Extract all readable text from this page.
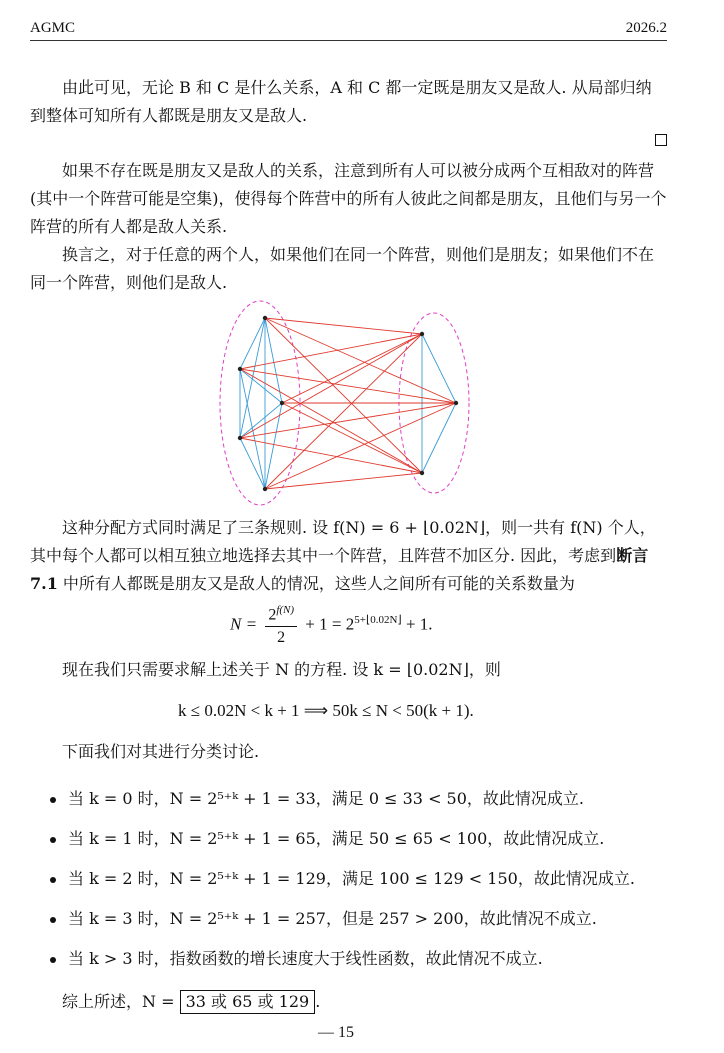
AGMC	2026.2

由此可见，无论 B 和 C 是什么关系，A 和 C 都一定既是朋友又是敌人. 从局部归纳到整体可知所有人都既是朋友又是敌人.

如果不存在既是朋友又是敌人的关系，注意到所有人可以被分成两个互相敌对的阵营 (其中一个阵营可能是空集)，使得每个阵营中的所有人彼此之间都是朋友，且他们与另一个阵营的所有人都是敌人关系.

换言之，对于任意的两个人，如果他们在同一个阵营，则他们是朋友；如果他们不在同一个阵营，则他们是敌人.

这种分配方式同时满足了三条规则. 设 f(N) = 6 + ⌊0.02N⌋，则一共有 f(N) 个人，其中每个人都可以相互独立地选择去其中一个阵营，且阵营不加区分. 因此，考虑到断言 7.1 中所有人都既是朋友又是敌人的情况，这些人之间所有可能的关系数量为

$N = \frac{2^{f(N)}}{2} + 1 = 2^{5+⌊0.02N⌋} + 1$.

现在我们只需要求解上述关于 N 的方程. 设 k = ⌊0.02N⌋，则

k ≤ 0.02N < k + 1 ⟹ 50k ≤ N < 50(k + 1).

下面我们对其进行分类讨论.

当 k = 0 时，N = 2⁵⁺ᵏ + 1 = 33，满足 0 ≤ 33 < 50，故此情况成立.
当 k = 1 时，N = 2⁵⁺ᵏ + 1 = 65，满足 50 ≤ 65 < 100，故此情况成立.
当 k = 2 时，N = 2⁵⁺ᵏ + 1 = 129，满足 100 ≤ 129 < 150，故此情况成立.
当 k = 3 时，N = 2⁵⁺ᵏ + 1 = 257，但是 257 > 200，故此情况不成立.
当 k > 3 时，指数函数的增长速度大于线性函数，故此情况不成立.
综上所述，N = 33 或 65 或 129 .
— 15
